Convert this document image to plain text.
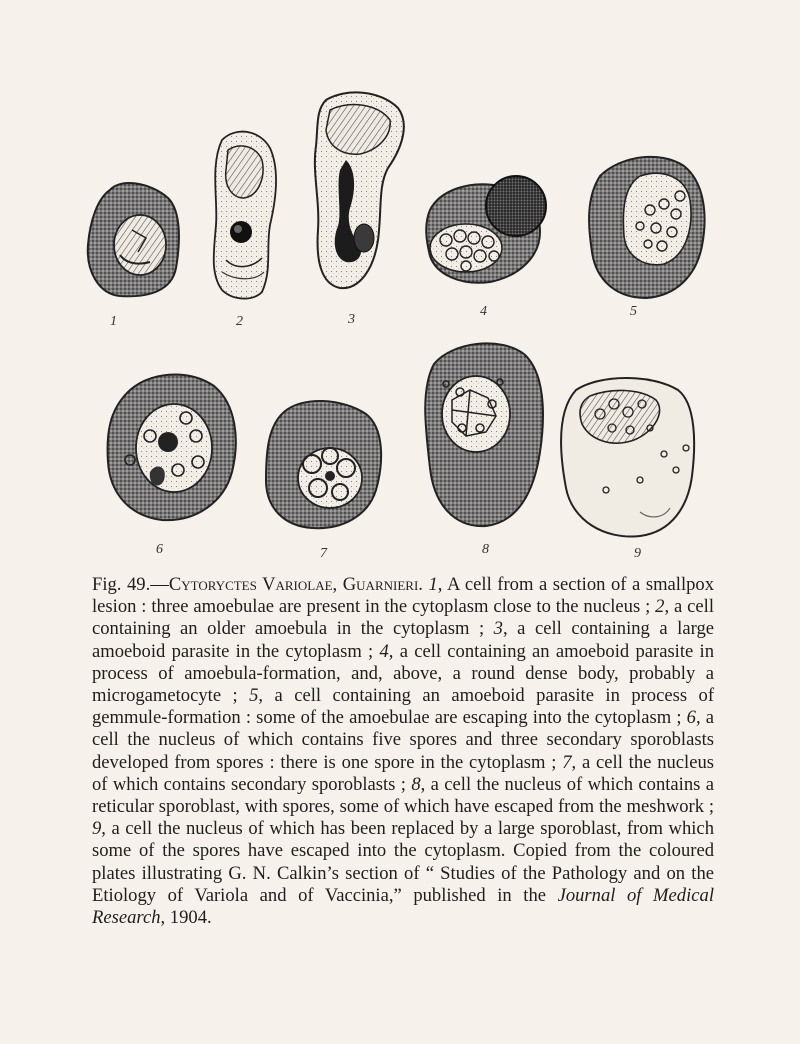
1	2	3
4	5
6	7	8	9
Fig. 49.—Cytoryctes Variolae, Guarnieri. 1, A cell from a section of a smallpox lesion : three amoebulae are present in the cytoplasm close to the nucleus ; 2, a cell containing an older amoebula in the cytoplasm ; 3, a cell containing a large amoeboid parasite in the cytoplasm ; 4, a cell containing an amoeboid parasite in process of amoebula-formation, and, above, a round dense body, probably a microgametocyte ; 5, a cell containing an amoeboid parasite in process of gemmule-formation : some of the amoebulae are escaping into the cytoplasm ; 6, a cell the nucleus of which contains five spores and three secondary sporoblasts developed from spores : there is one spore in the cytoplasm ; 7, a cell the nucleus of which contains secondary sporoblasts ; 8, a cell the nucleus of which contains a reticular sporoblast, with spores, some of which have escaped from the meshwork ; 9, a cell the nucleus of which has been replaced by a large sporoblast, from which some of the spores have escaped into the cytoplasm. Copied from the coloured plates illustrating G. N. Calkin’s section of “ Studies of the Pathology and on the Etiology of Variola and of Vaccinia,” published in the Journal of Medical Research, 1904.
